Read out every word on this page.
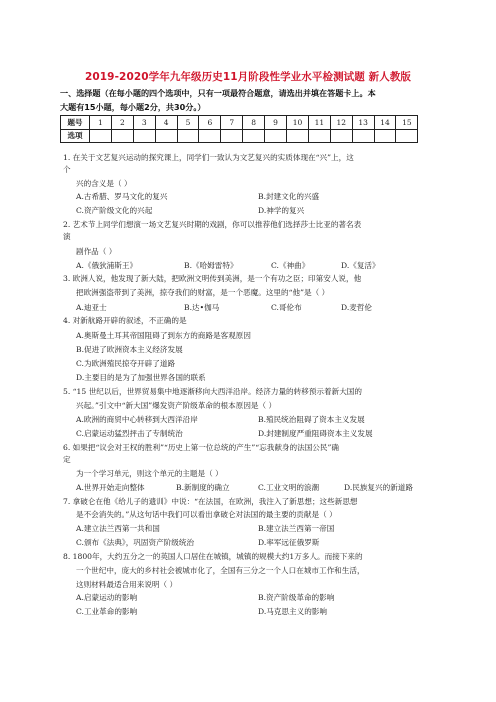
2019-2020学年九年级历史11月阶段性学业水平检测试题 新人教版
一、选择题（在每小题的四个选项中，只有一项最符合题意，请选出并填在答题卡上。本
大题有15小题，每小题2分，共30分。）
题号	1	2	3	4	5	6	7	8	9	10	11	12	13	14	15
选项															
1. 在关于文艺复兴运动的探究课上，同学们一致认为文艺复兴的实质体现在“兴”上，这
个
兴的含义是（ ）
A.古希腊、罗马文化的复兴	B.封建文化的兴盛
C.资产阶级文化的兴起	D.神学的复兴
2. 艺术节上同学们想演一场文艺复兴时期的戏剧，你可以推荐他们选择莎士比亚的著名表
演
剧作品（ ）
A.《俄狄浦斯王》	B.《哈姆雷特》	C.《神曲》	D.《复活》
3. 欧洲人说，他发现了新大陆，把欧洲文明传到美洲，是一个有功之臣；印第安人说，他
把欧洲强盗带到了美洲，掠夺我们的财富，是一个恶魔。这里的“他”是（ ）
A.迪亚士	B.达•伽马	C.哥伦布	D.麦哲伦
4. 对新航路开辟的叙述，不正确的是
A.奥斯曼土耳其帝国阻碍了到东方的商路是客观原因
B.促进了欧洲资本主义经济发展
C.为欧洲殖民掠夺开辟了道路
D.主要目的是为了加强世界各国的联系
5. “15 世纪以后，世界贸易集中地逐渐移向大西洋沿岸。经济力量的转移预示着新大国的
兴起。”引文中“新大国”爆发资产阶级革命的根本原因是（ ）
A.欧洲的商贸中心转移到大西洋沿岸	B.殖民统治阻碍了资本主义发展
C.启蒙运动猛烈抨击了专制统治	D.封建制度严重阻碍资本主义发展
6. 如果把“议会对王权的胜利”“历史上第一位总统的产生”“忘我献身的法国公民”确
定
为一个学习单元，则这个单元的主题是（ ）
A.世界开始走向整体	B.新制度的确立	C.工业文明的浪潮	D.民族复兴的新道路
7. 拿破仑在他《给儿子的遗训》中说：“在法国，在欧洲，我注入了新思想；这些新思想
是不会消失的。”从这句话中我们可以看出拿破仑对法国的最主要的贡献是（ ）
A.建立法兰西第一共和国	B.建立法兰西第一帝国
C.颁布《法典》，巩固资产阶级统治	D.率军远征俄罗斯
8. 1800年，大约五分之一的英国人口居住在城镇，城镇的规模大约1万多人。而接下来的
一个世纪中，庞大的乡村社会被城市化了，全国有三分之一个人口在城市工作和生活，
这则材料最适合用来说明（ ）
A.启蒙运动的影响	B.资产阶级革命的影响
C.工业革命的影响	D.马克思主义的影响
